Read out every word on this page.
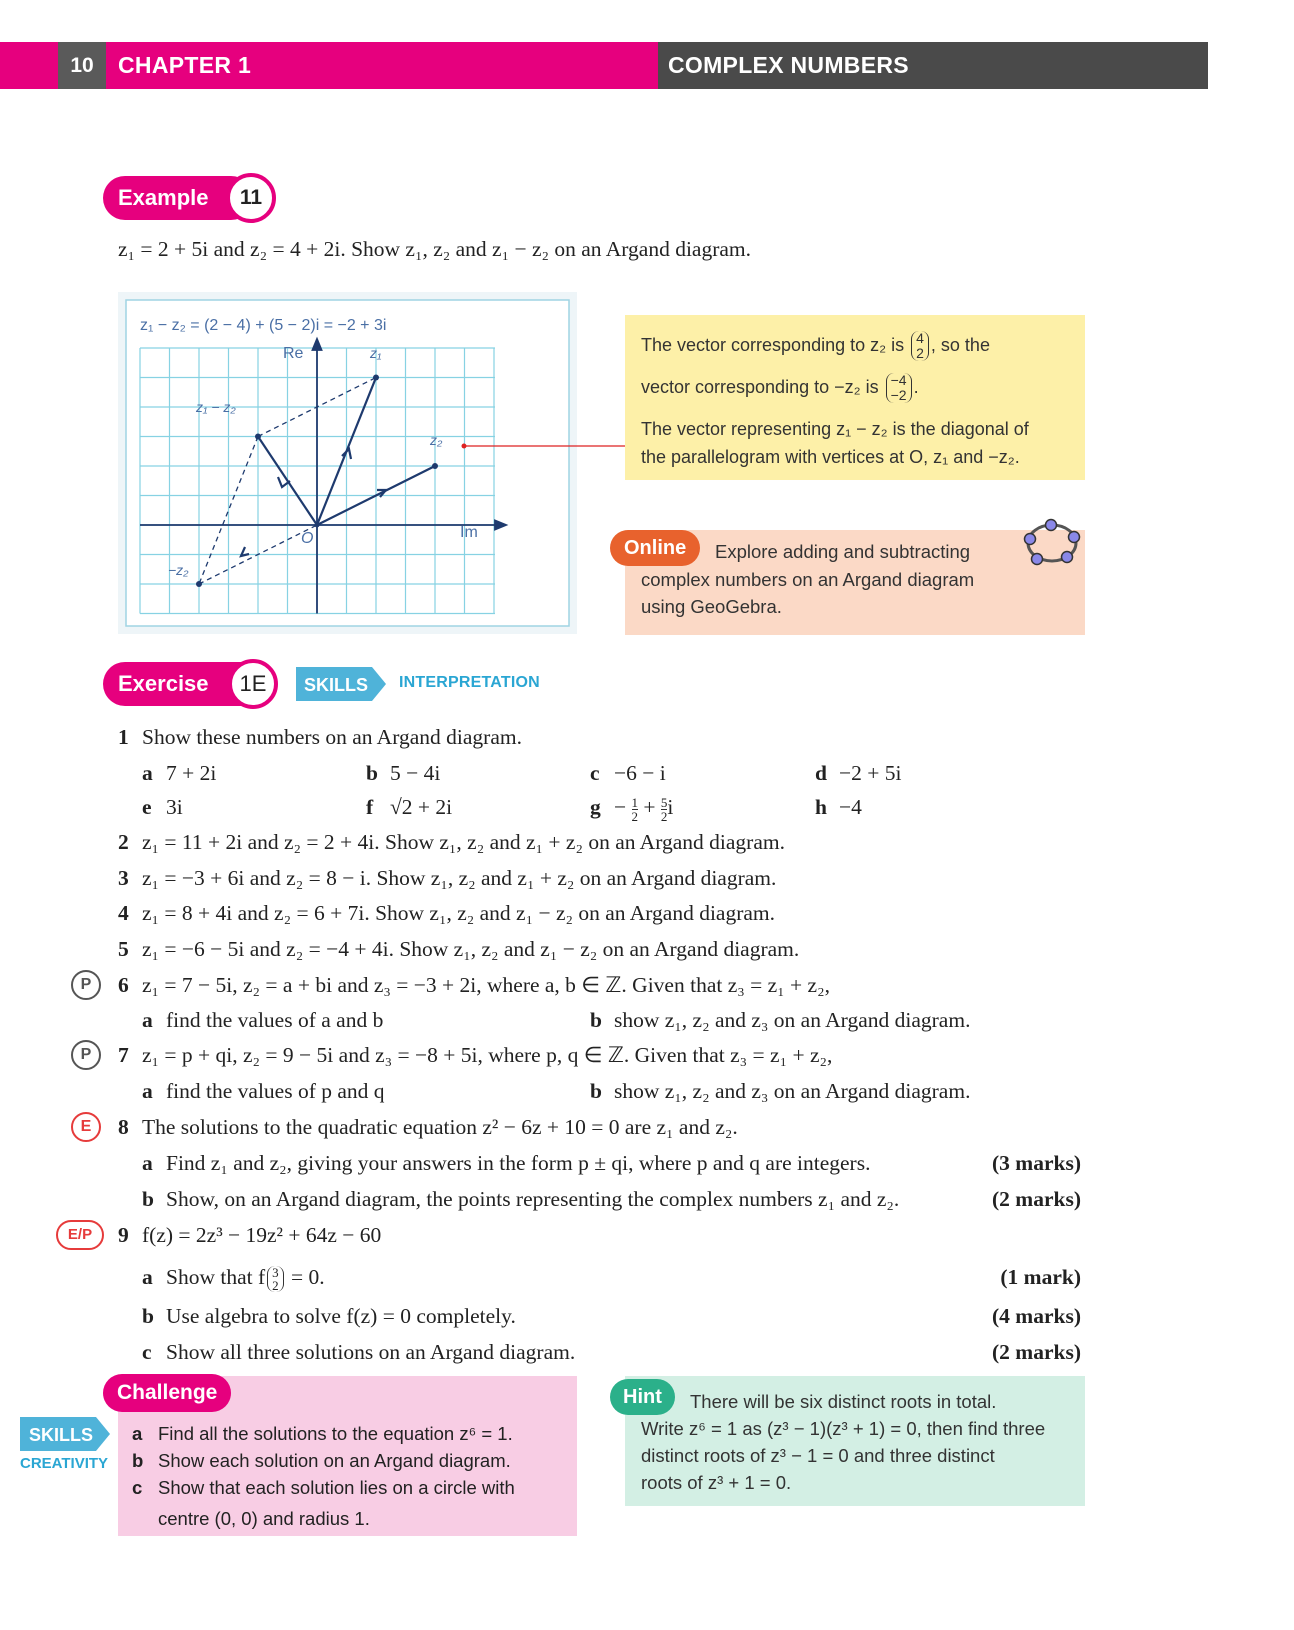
10	CHAPTER 1	COMPLEX NUMBERS
Example	11
z₁ = 2 + 5i and z₂ = 4 + 2i. Show z₁, z₂ and z₁ − z₂ on an Argand diagram.
z₁ − z₂ = (2 − 4) + (5 − 2)i = −2 + 3i
Re
Im
O
z₁
z₂
z₁ − z₂
−z₂
The vector corresponding to z₂ is 4
2 , so the
vector corresponding to −z₂ is −4
−2 .
The vector representing z₁ − z₂ is the diagonal of
the parallelogram with vertices at O, z₁ and −z₂.
Online	Explore adding and subtracting
complex numbers on an Argand diagram
using GeoGebra.
Exercise	1E	SKILLS INTERPRETATION
1 Show these numbers on an Argand diagram.
a 7 + 2i	b 5 − 4i	c −6 − i	d −2 + 5i
e 3i	f √2 + 2i	$g - \frac{1}{2} + \frac{5}{2}$ i	h −4
2 z₁ = 11 + 2i and z₂ = 2 + 4i. Show z₁, z₂ and z₁ + z₂ on an Argand diagram.
3 z₁ = −3 + 6i and z₂ = 8 − i. Show z₁, z₂ and z₁ + z₂ on an Argand diagram.
4 z₁ = 8 + 4i and z₂ = 6 + 7i. Show z₁, z₂ and z₁ − z₂ on an Argand diagram.
5 z₁ = −6 − 5i and z₂ = −4 + 4i. Show z₁, z₂ and z₁ − z₂ on an Argand diagram.
P	6 z₁ = 7 − 5i, z₂ = a + bi and z₃ = −3 + 2i, where a, b ∈ ℤ. Given that z₃ = z₁ + z₂,
a find the values of a and b	b show z₁, z₂ and z₃ on an Argand diagram.
P	7 z₁ = p + qi, z₂ = 9 − 5i and z₃ = −8 + 5i, where p, q ∈ ℤ. Given that z₃ = z₁ + z₂,
a find the values of p and q	b show z₁, z₂ and z₃ on an Argand diagram.
E	8 The solutions to the quadratic equation z² − 6z + 10 = 0 are z₁ and z₂.
a Find z₁ and z₂, giving your answers in the form p ± qi, where p and q are integers.	(3 marks)
b Show, on an Argand diagram, the points representing the complex numbers z₁ and z₂.	(2 marks)
E/P	9 f(z) = 2z³ − 19z² + 64z − 60
a Show that f 3
2 = 0.	(1 mark)
b Use algebra to solve f(z) = 0 completely.	(4 marks)
c Show all three solutions on an Argand diagram.	(2 marks)
Challenge
SKILLS
CREATIVITY
a Find all the solutions to the equation z⁶ = 1.
b Show each solution on an Argand diagram.
c Show that each solution lies on a circle with
centre (0, 0) and radius 1.
Hint	There will be six distinct roots in total.
Write z⁶ = 1 as (z³ − 1)(z³ + 1) = 0, then find three
distinct roots of z³ − 1 = 0 and three distinct
roots of z³ + 1 = 0.
